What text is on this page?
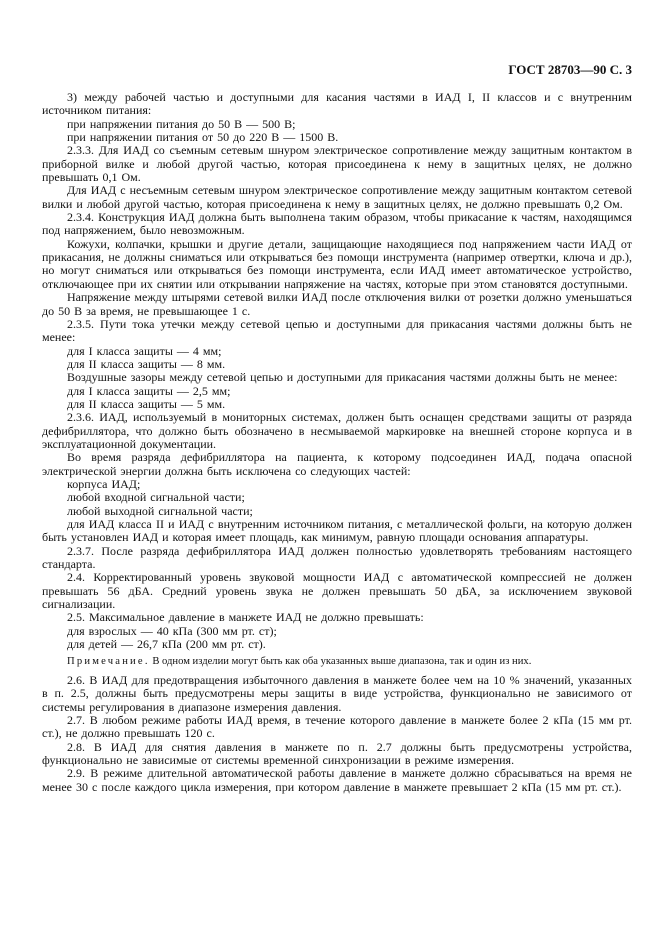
ГОСТ 28703—90 С. 3

3) между рабочей частью и доступными для касания частями в ИАД I, II классов и с внутренним источником питания:

при напряжении питания до 50 В — 500 В;

при напряжении питания от 50 до 220 В — 1500 В.

2.3.3. Для ИАД со съемным сетевым шнуром электрическое сопротивление между защитным контактом в приборной вилке и любой другой частью, которая присоединена к нему в защитных целях, не должно превышать 0,1 Ом.

Для ИАД с несъемным сетевым шнуром электрическое сопротивление между защитным контактом сетевой вилки и любой другой частью, которая присоединена к нему в защитных целях, не должно превышать 0,2 Ом.

2.3.4. Конструкция ИАД должна быть выполнена таким образом, чтобы прикасание к частям, находящимся под напряжением, было невозможным.

Кожухи, колпачки, крышки и другие детали, защищающие находящиеся под напряжением части ИАД от прикасания, не должны сниматься или открываться без помощи инструмента (например отвертки, ключа и др.), но могут сниматься или открываться без помощи инструмента, если ИАД имеет автоматическое устройство, отключающее при их снятии или открывании напряжение на частях, которые при этом становятся доступными.

Напряжение между штырями сетевой вилки ИАД после отключения вилки от розетки должно уменьшаться до 50 В за время, не превышающее 1 с.

2.3.5. Пути тока утечки между сетевой цепью и доступными для прикасания частями должны быть не менее:

для I класса защиты — 4 мм;

для II класса защиты — 8 мм.

Воздушные зазоры между сетевой цепью и доступными для прикасания частями должны быть не менее:

для I класса защиты — 2,5 мм;

для II класса защиты — 5 мм.

2.3.6. ИАД, используемый в мониторных системах, должен быть оснащен средствами защиты от разряда дефибриллятора, что должно быть обозначено в несмываемой маркировке на внешней стороне корпуса и в эксплуатационной документации.

Во время разряда дефибриллятора на пациента, к которому подсоединен ИАД, подача опасной электрической энергии должна быть исключена со следующих частей:

корпуса ИАД;

любой входной сигнальной части;

любой выходной сигнальной части;

для ИАД класса II и ИАД с внутренним источником питания, с металлической фольги, на которую должен быть установлен ИАД и которая имеет площадь, как минимум, равную площади основания аппаратуры.

2.3.7. После разряда дефибриллятора ИАД должен полностью удовлетворять требованиям настоящего стандарта.

2.4. Корректированный уровень звуковой мощности ИАД с автоматической компрессией не должен превышать 56 дБА. Средний уровень звука не должен превышать 50 дБА, за исключением звуковой сигнализации.

2.5. Максимальное давление в манжете ИАД не должно превышать:

для взрослых — 40 кПа (300 мм рт. ст);

для детей — 26,7 кПа (200 мм рт. ст).

Примечание. В одном изделии могут быть как оба указанных выше диапазона, так и один из них.

2.6. В ИАД для предотвращения избыточного давления в манжете более чем на 10 % значений, указанных в п. 2.5, должны быть предусмотрены меры защиты в виде устройства, функционально не зависимого от системы регулирования в диапазоне измерения давления.

2.7. В любом режиме работы ИАД время, в течение которого давление в манжете более 2 кПа (15 мм рт. ст.), не должно превышать 120 с.

2.8. В ИАД для снятия давления в манжете по п. 2.7 должны быть предусмотрены устройства, функционально не зависимые от системы временной синхронизации в режиме измерения.

2.9. В режиме длительной автоматической работы давление в манжете должно сбрасываться на время не менее 30 с после каждого цикла измерения, при котором давление в манжете превышает 2 кПа (15 мм рт. ст.).
